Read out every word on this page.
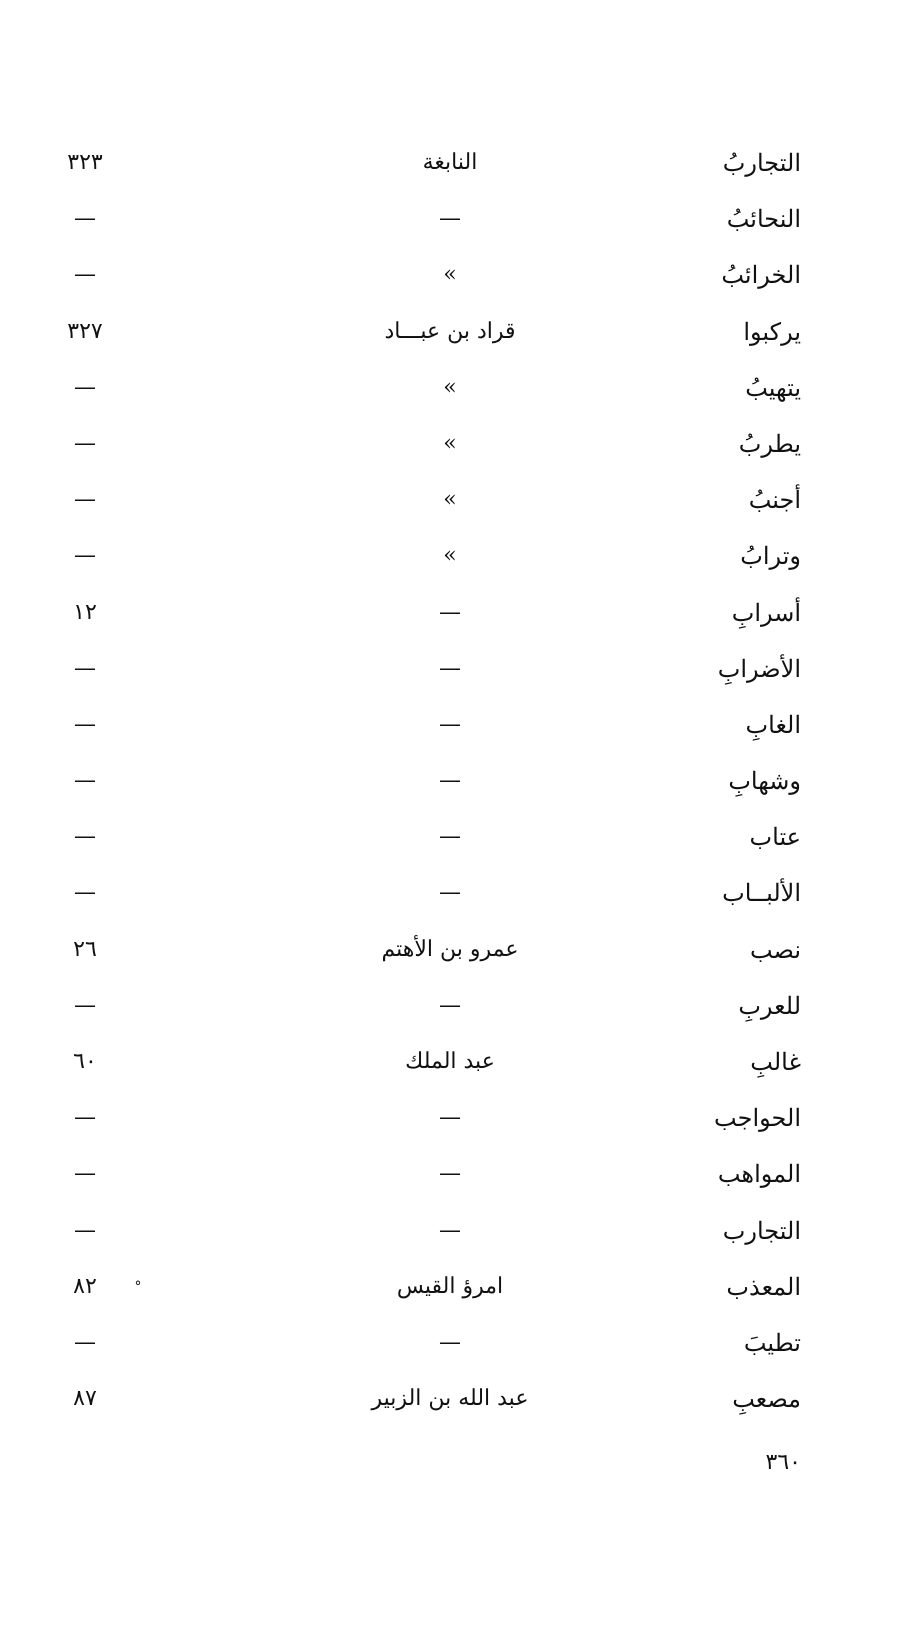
التجاربُ
النابغة
٣٢٣
النحائبُ
—
—
الخرائبُ
»
—
يركبوا
قراد بن عبـــاد
٣٢٧
يتهيبُ
»
—
يطربُ
»
—
أجنبُ
»
—
وترابُ
»
—
أسرابِ
—
١٢
الأضرابِ
—
—
الغابِ
—
—
وشهابِ
—
—
عتاب
—
—
الألبــاب
—
—
نصب
عمرو بن الأهتم
٢٦
للعربِ
—
—
غالبِ
عبد الملك
٦٠
الحواجب
—
—
المواهب
—
—
التجارب
—
—
المعذب
امرؤ القيس
°
٨٢
تطيبَ
—
—
مصعبِ
عبد الله بن الزبير
٨٧
٣٦٠
